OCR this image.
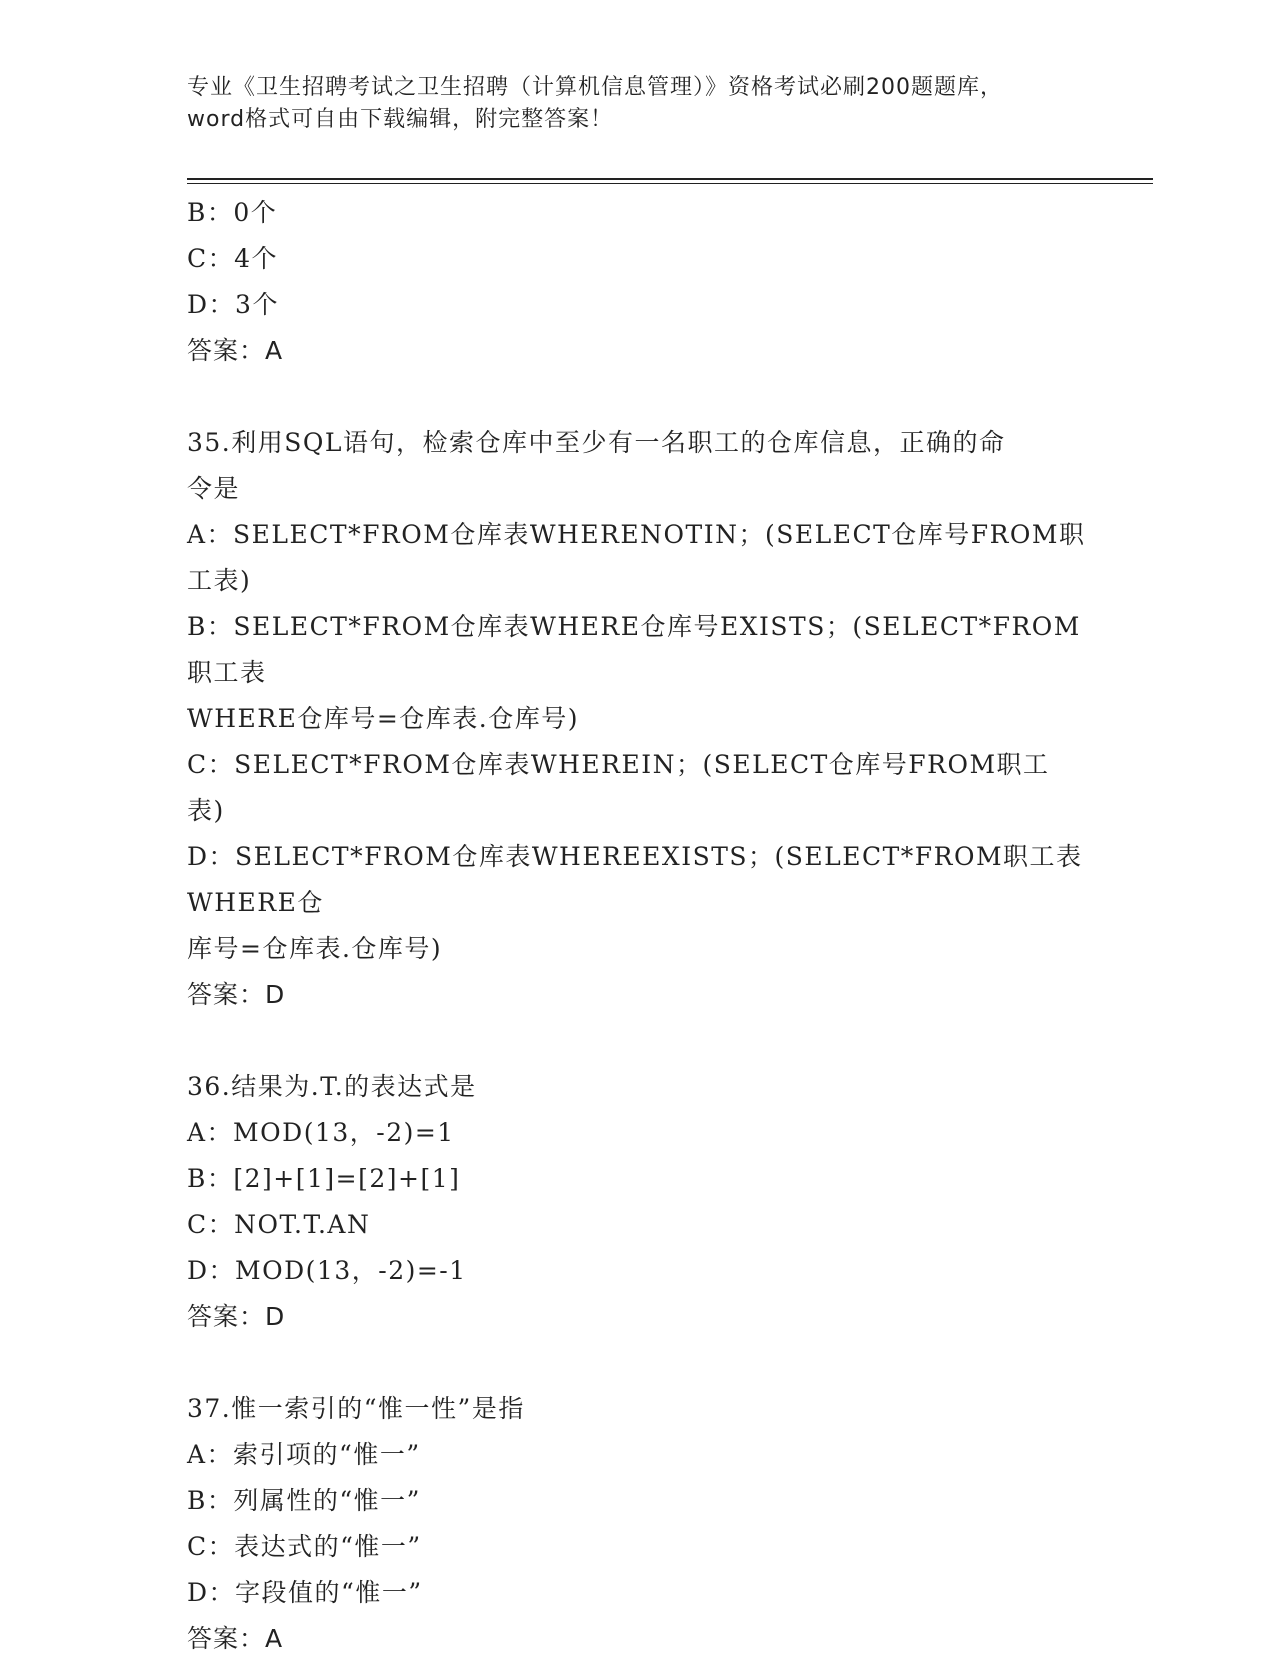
专业《卫生招聘考试之卫生招聘（计算机信息管理）》资格考试必刷200题题库，
word格式可自由下载编辑，附完整答案！
B：0个
C：4个
D：3个
答案：A
35.利用SQL语句，检索仓库中至少有一名职工的仓库信息，正确的命
令是
A：SELECT*FROM仓库表WHERENOTIN；(SELECT仓库号FROM职工表)
B：SELECT*FROM仓库表WHERE仓库号EXISTS；(SELECT*FROM职工表
WHERE仓库号=仓库表.仓库号)
C：SELECT*FROM仓库表WHEREIN；(SELECT仓库号FROM职工表)
D：SELECT*FROM仓库表WHEREEXISTS；(SELECT*FROM职工表WHERE仓
库号=仓库表.仓库号)
答案：D
36.结果为.T.的表达式是
A：MOD(13，-2)=1
B：[2]+[1]=[2]+[1]
C：NOT.T.AN
D：MOD(13，-2)=-1
答案：D
37.惟一索引的“惟一性”是指
A：索引项的“惟一”
B：列属性的“惟一”
C：表达式的“惟一”
D：字段值的“惟一”
答案：A
